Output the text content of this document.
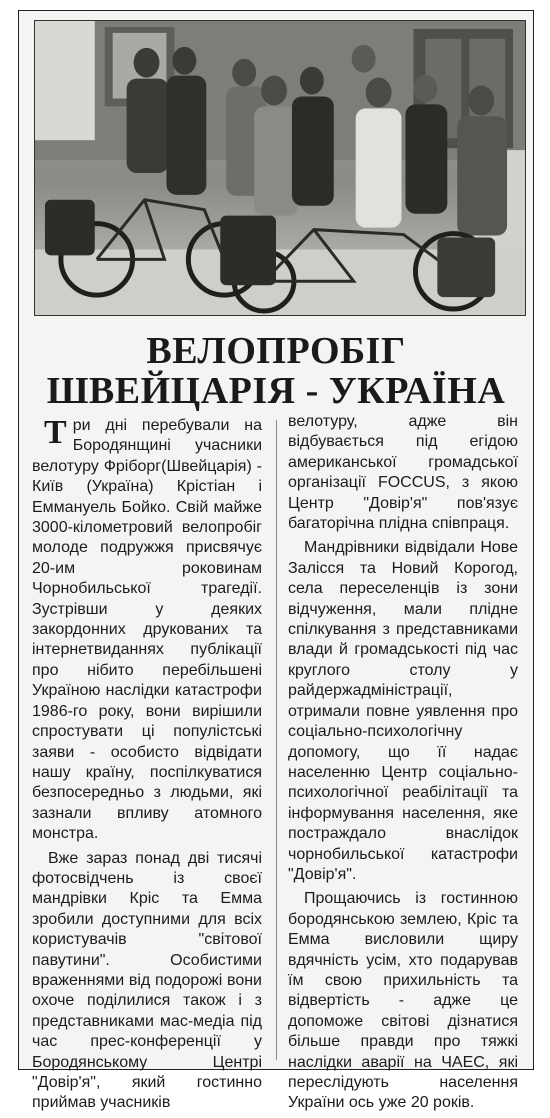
ВЕЛОПРОБІГ
ШВЕЙЦАРІЯ - УКРАЇНА

Три дні перебували на Бородянщині учасники велотуру Фріборг(Швейцарія) - Київ (Україна) Крістіан і Еммануель Бойко. Свій майже 3000-кілометровий велопробіг молоде подружжя присвячує 20-им роковинам Чорнобильської трагедії. Зустрівши у деяких закордонних друкованих та інтернетвиданнях публікації про нібито перебільшені Україною наслідки катастрофи 1986-го року, вони вирішили спростувати ці популістські заяви - особисто відвідати нашу країну, поспілкуватися безпосередньо з людьми, які зазнали впливу атомного монстра.

Вже зараз понад дві тисячі фотосвідчень із своєї мандрівки Кріс та Емма зробили доступними для всіх користувачів "світової павутини". Особистими враженнями від подорожі вони охоче поділилися також і з представниками мас-медіа під час прес-конференції у Бородянському Центрі "Довір'я", який гостинно приймав учасників

велотуру, адже він відбувається під егідою американської громадської організації FOCCUS, з якою Центр "Довір'я" пов'язує багаторічна плідна співпраця.

Мандрівники відвідали Нове Залісся та Новий Корогод, села переселенців із зони відчуження, мали плідне спілкування з представниками влади й громадськості під час круглого столу у райдержадміністрації, отримали повне уявлення про соціально-психологічну допомогу, що її надає населенню Центр соціально-психологічної реабілітації та інформування населення, яке постраждало внаслідок чорнобильської катастрофи "Довір'я".

Прощаючись із гостинною бородянською землею, Кріс та Емма висловили щиру вдячність усім, хто подарував їм свою прихильність та відвертість - адже це допоможе світові дізнатися більше правди про тяжкі наслідки аварії на ЧАЕС, які переслідують населення України ось уже 20 років.
